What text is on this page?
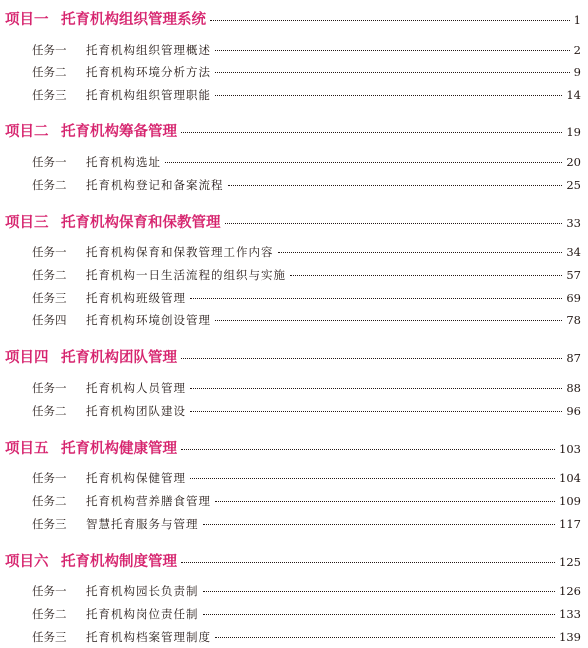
项目一 托育机构组织管理系统	1
任务一	托育机构组织管理概述	2
任务二	托育机构环境分析方法	9
任务三	托育机构组织管理职能	14
项目二 托育机构筹备管理	19
任务一	托育机构选址	20
任务二	托育机构登记和备案流程	25
项目三 托育机构保育和保教管理	33
任务一	托育机构保育和保教管理工作内容	34
任务二	托育机构一日生活流程的组织与实施	57
任务三	托育机构班级管理	69
任务四	托育机构环境创设管理	78
项目四 托育机构团队管理	87
任务一	托育机构人员管理	88
任务二	托育机构团队建设	96
项目五 托育机构健康管理	103
任务一	托育机构保健管理	104
任务二	托育机构营养膳食管理	109
任务三	智慧托育服务与管理	117
项目六 托育机构制度管理	125
任务一	托育机构园长负责制	126
任务二	托育机构岗位责任制	133
任务三	托育机构档案管理制度	139
